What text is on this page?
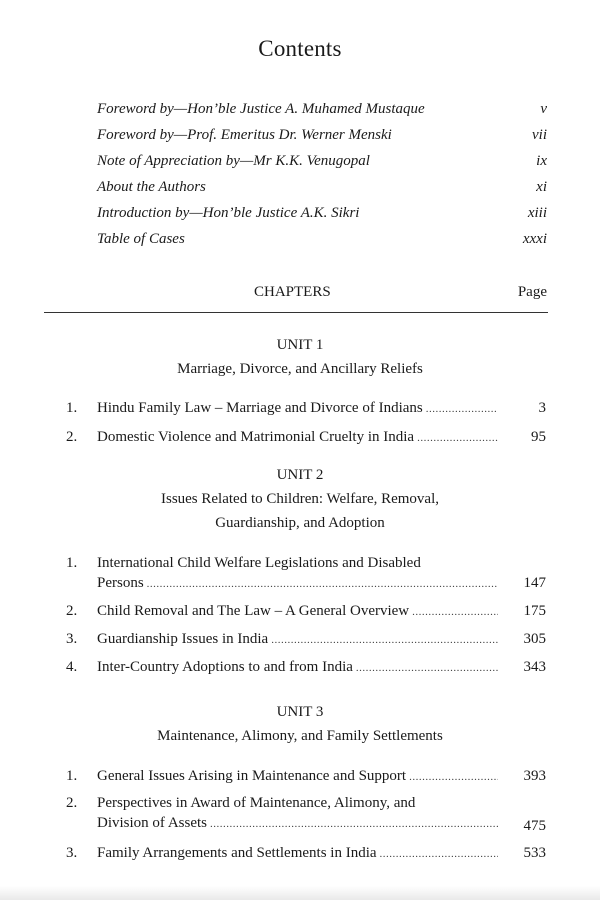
Contents
Foreword by—Hon’ble Justice A. Muhamed Mustaque	v
Foreword by—Prof. Emeritus Dr. Werner Menski	vii
Note of Appreciation by—Mr K.K. Venugopal	ix
About the Authors	xi
Introduction by—Hon’ble Justice A.K. Sikri	xiii
Table of Cases	xxxi
CHAPTERS	Page
UNIT 1
Marriage, Divorce, and Ancillary Reliefs
1. Hindu Family Law – Marriage and Divorce of Indians .....	3
2. Domestic Violence and Matrimonial Cruelty in India .....	95
UNIT 2
Issues Related to Children: Welfare, Removal,
Guardianship, and Adoption
1. International Child Welfare Legislations and Disabled
Persons .....	147
2. Child Removal and The Law – A General Overview .....	175
3. Guardianship Issues in India .....	305
4. Inter-Country Adoptions to and from India .....	343
UNIT 3
Maintenance, Alimony, and Family Settlements
1. General Issues Arising in Maintenance and Support .....	393
2. Perspectives in Award of Maintenance, Alimony, and
Division of Assets .....	475
3. Family Arrangements and Settlements in India .....	533
